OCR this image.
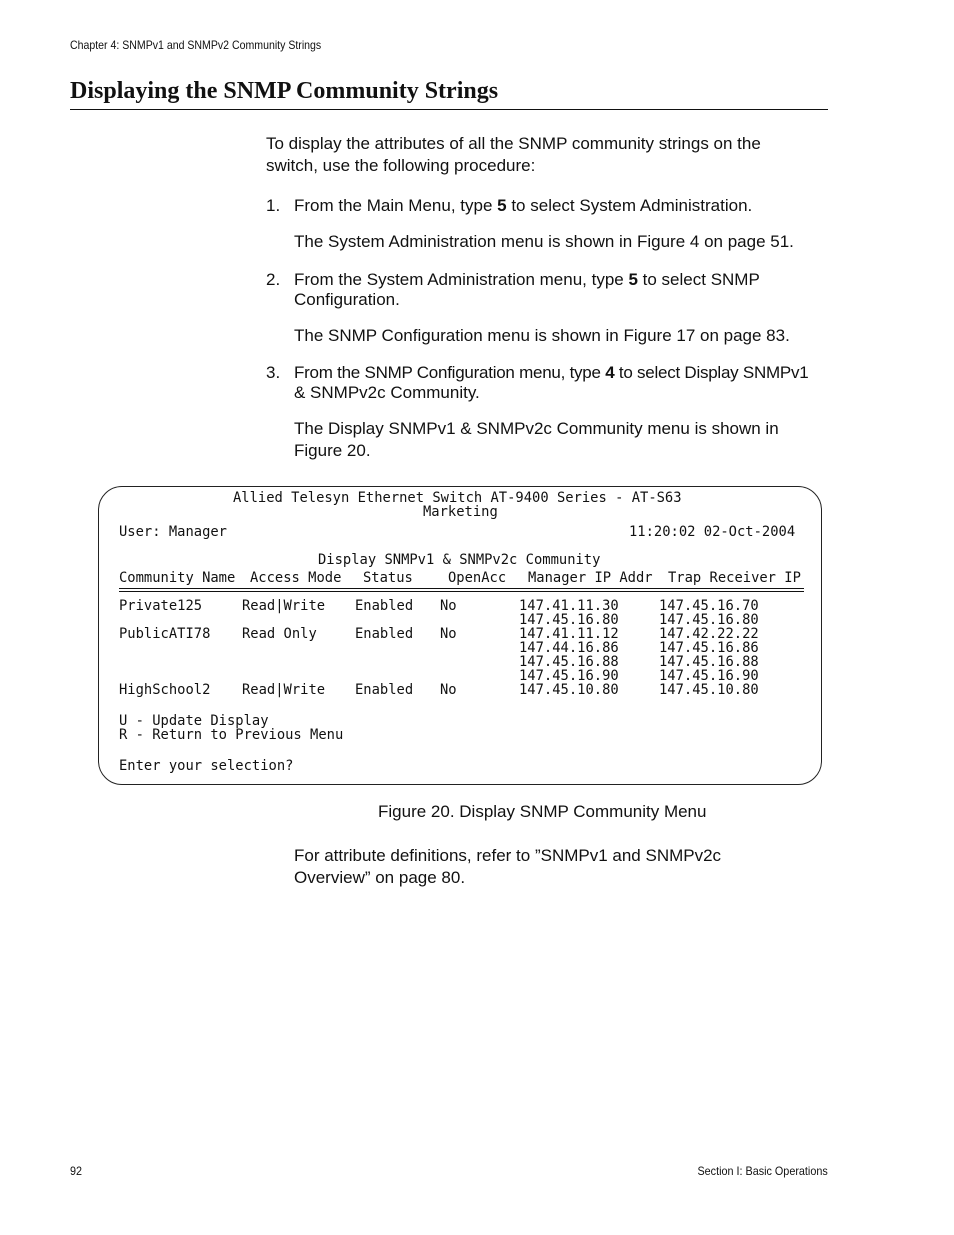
Chapter 4: SNMPv1 and SNMPv2 Community Strings
Displaying the SNMP Community Strings
To display the attributes of all the SNMP community strings on the
switch, use the following procedure:
1. From the Main Menu, type 5 to select System Administration.
The System Administration menu is shown in Figure 4 on page 51.
2. From the System Administration menu, type 5 to select SNMP
Configuration.
The SNMP Configuration menu is shown in Figure 17 on page 83.
3. From the SNMP Configuration menu, type 4 to select Display SNMPv1
& SNMPv2c Community.
The Display SNMPv1 & SNMPv2c Community menu is shown in
Figure 20.
Allied Telesyn Ethernet Switch AT-9400 Series - AT-S63
Marketing
User: Manager	11:20:02 02-Oct-2004
Display SNMPv1 & SNMPv2c Community
Community Name Access Mode Status	OpenAcc Manager IP Addr Trap Receiver IP
Private125	Read|Write Enabled No	147.41.11.30	147.45.16.70
147.45.16.80	147.45.16.80
PublicATI78 Read Only	Enabled No	147.41.11.12	147.42.22.22
147.44.16.86	147.45.16.86
147.45.16.88	147.45.16.88
147.45.16.90	147.45.16.90
HighSchool2 Read|Write Enabled No	147.45.10.80	147.45.10.80
U - Update Display
R - Return to Previous Menu
Enter your selection?
Figure 20. Display SNMP Community Menu
For attribute definitions, refer to ”SNMPv1 and SNMPv2c
Overview” on page 80.
92	Section I: Basic Operations
